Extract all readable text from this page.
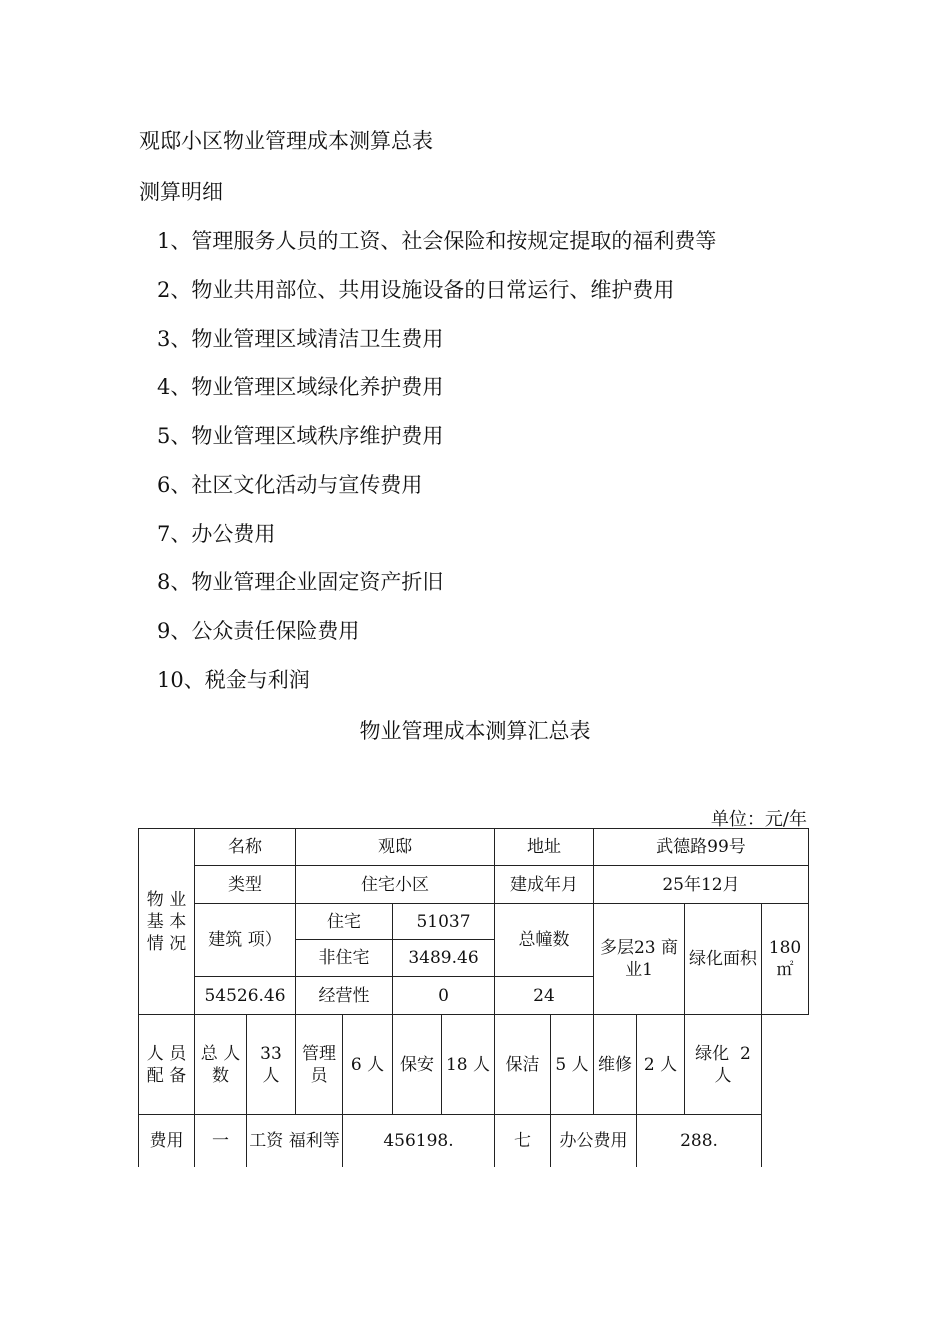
观邸小区物业管理成本测算总表
测算明细
1、管理服务人员的工资、社会保险和按规定提取的福利费等
2、物业共用部位、共用设施设备的日常运行、维护费用
3、物业管理区域清洁卫生费用
4、物业管理区域绿化养护费用
5、物业管理区域秩序维护费用
6、社区文化活动与宣传费用
7、办公费用
8、物业管理企业固定资产折旧
9、公众责任保险费用
10、税金与利润
物业管理成本测算汇总表
单位：元/年
物 业 基 本 情 况	名称		观邸				地址		武德路99号			
	类型		住宅小区				建成年月		25年12月			
	建筑 项）		住宅		51037		总幢数		多层23 商业1		绿化面积	180 ㎡
			非住宅		3489.46							
	54526.46		经营性		0		24					
人 员 配 备	总 人 数	33 人	管理员	6 人	保安	18 人	保洁	5 人	维修	2 人	绿化 2 人	
费用	一	工资 福利等		456198.			七	办公费用		288.		
